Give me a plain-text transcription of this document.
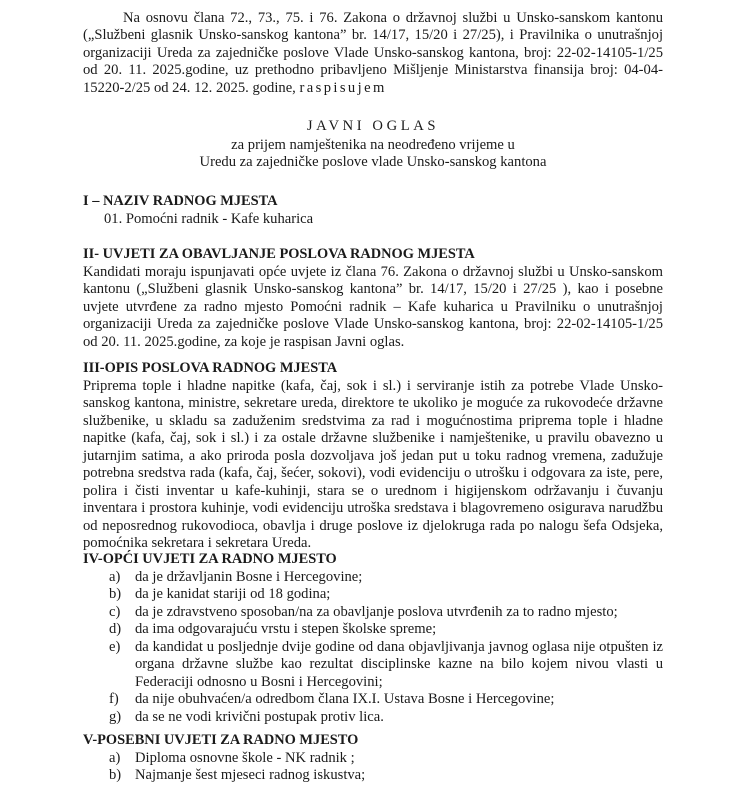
Na osnovu člana 72., 73., 75. i 76. Zakona o državnoj službi u Unsko-sanskom kantonu („Službeni glasnik Unsko-sanskog kantona” br. 14/17, 15/20 i 27/25), i Pravilnika o unutrašnjoj organizaciji Ureda za zajedničke poslove Vlade Unsko-sanskog kantona, broj: 22-02-14105-1/25 od 20. 11. 2025.godine, uz prethodno pribavljeno Mišljenje Ministarstva finansija broj: 04-04-15220-2/25 od 24. 12. 2025. godine, raspisujem
JAVNI OGLAS
za prijem namještenika na neodređeno vrijeme u
Uredu za zajedničke poslove vlade Unsko-sanskog kantona
I – NAZIV RADNOG MJESTA
01. Pomoćni radnik - Kafe kuharica
II- UVJETI ZA OBAVLJANJE POSLOVA RADNOG MJESTA
Kandidati moraju ispunjavati opće uvjete iz člana 76. Zakona o državnoj službi u Unsko-sanskom kantonu („Službeni glasnik Unsko-sanskog kantona” br. 14/17, 15/20 i 27/25 ), kao i posebne uvjete utvrđene za radno mjesto Pomoćni radnik – Kafe kuharica u Pravilniku o unutrašnjoj organizaciji Ureda za zajedničke poslove Vlade Unsko-sanskog kantona, broj: 22-02-14105-1/25 od 20. 11. 2025.godine, za koje je raspisan Javni oglas.
III-OPIS POSLOVA RADNOG MJESTA
Priprema tople i hladne napitke (kafa, čaj, sok i sl.) i serviranje istih za potrebe Vlade Unsko-sanskog kantona, ministre, sekretare ureda, direktore te ukoliko je moguće za rukovodeće državne službenike, u skladu sa zaduženim sredstvima za rad i mogućnostima priprema tople i hladne napitke (kafa, čaj, sok i sl.) i za ostale državne službenike i namještenike, u pravilu obavezno u jutarnjim satima, a ako priroda posla dozvoljava još jedan put u toku radnog vremena, zadužuje potrebna sredstva rada (kafa, čaj, šećer, sokovi), vodi evidenciju o utrošku i odgovara za iste, pere, polira i čisti inventar u kafe-kuhinji, stara se o urednom i higijenskom održavanju i čuvanju inventara i prostora kuhinje, vodi evidenciju utroška sredstava i blagovremeno osigurava narudžbu od neposrednog rukovodioca, obavlja i druge poslove iz djelokruga rada po nalogu šefa Odsjeka, pomoćnika sekretara i sekretara Ureda.
IV-OPĆI UVJETI ZA RADNO MJESTO
a) da je državljanin Bosne i Hercegovine;
b) da je kanidat stariji od 18 godina;
c) da je zdravstveno sposoban/na za obavljanje poslova utvrđenih za to radno mjesto;
d) da ima odgovarajuću vrstu i stepen školske spreme;
e) da kandidat u posljednje dvije godine od dana objavljivanja javnog oglasa nije otpušten iz organa državne službe kao rezultat disciplinske kazne na bilo kojem nivou vlasti u Federaciji odnosno u Bosni i Hercegovini;
f) da nije obuhvaćen/a odredbom člana IX.I. Ustava Bosne i Hercegovine;
g) da se ne vodi krivični postupak protiv lica.
V-POSEBNI UVJETI ZA RADNO MJESTO
a) Diploma osnovne škole - NK radnik ;
b) Najmanje šest mjeseci radnog iskustva;
